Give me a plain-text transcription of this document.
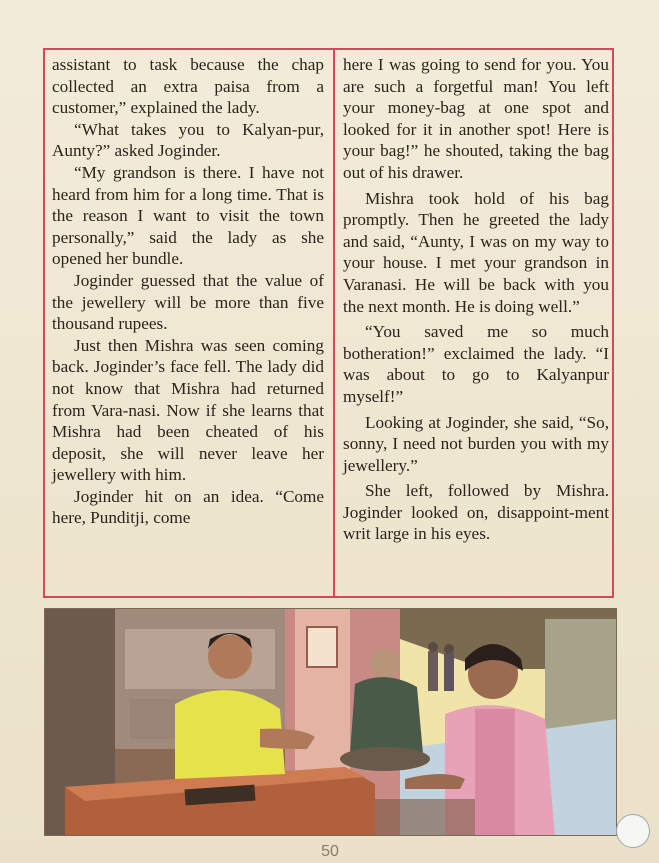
assistant to task because the chap collected an extra paisa from a customer,” explained the lady.

“What takes you to Kalyan-pur, Aunty?” asked Joginder.

“My grandson is there. I have not heard from him for a long time. That is the reason I want to visit the town personally,” said the lady as she opened her bundle.

Joginder guessed that the value of the jewellery will be more than five thousand rupees.

Just then Mishra was seen coming back. Joginder’s face fell. The lady did not know that Mishra had returned from Vara-nasi. Now if she learns that Mishra had been cheated of his deposit, she will never leave her jewellery with him.

Joginder hit on an idea. “Come here, Punditji, come

here I was going to send for you. You are such a forgetful man! You left your money-bag at one spot and looked for it in another spot! Here is your bag!” he shouted, taking the bag out of his drawer.

Mishra took hold of his bag promptly. Then he greeted the lady and said, “Aunty, I was on my way to your house. I met your grandson in Varanasi. He will be back with you the next month. He is doing well.”

“You saved me so much botheration!” exclaimed the lady. “I was about to go to Kalyanpur myself!”

Looking at Joginder, she said, “So, sonny, I need not burden you with my jewellery.”

She left, followed by Mishra. Joginder looked on, disappoint-ment writ large in his eyes.

50
